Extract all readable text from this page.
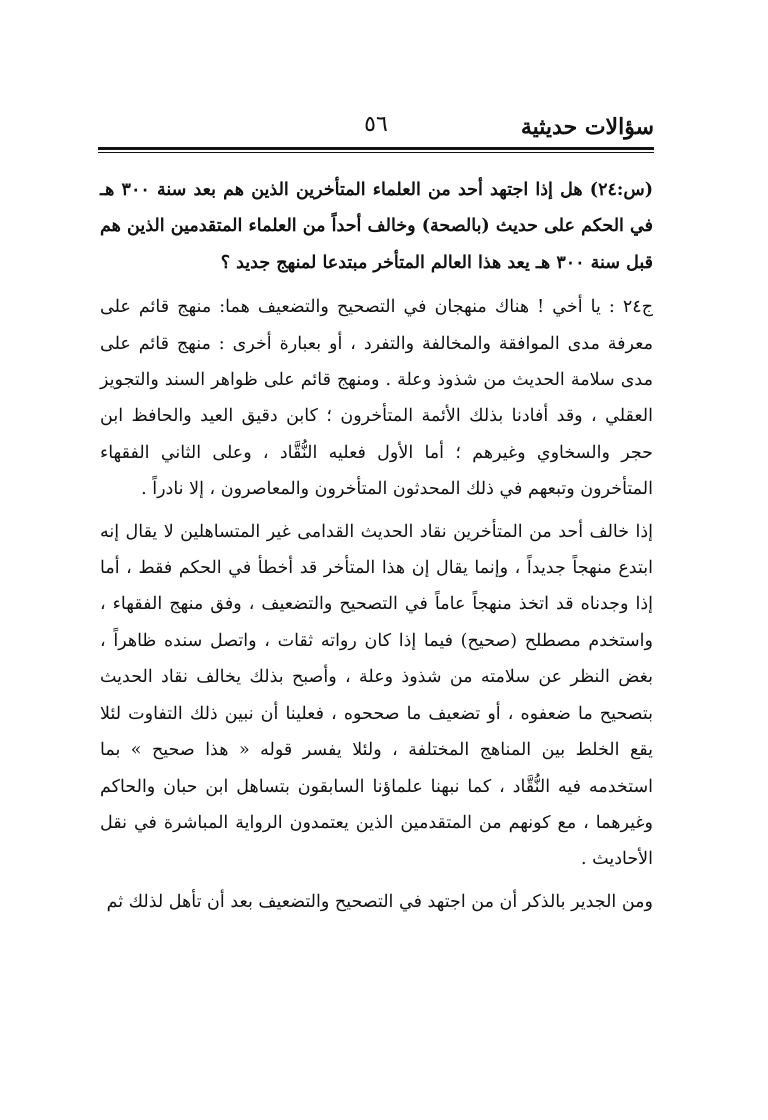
سؤالات حديثية
٥٦

(س:٢٤) هل إذا اجتهد أحد من العلماء المتأخرين الذين هم بعد سنة ٣٠٠ هـ في الحكم على حديث (بالصحة) وخالف أحداً من العلماء المتقدمين الذين هم قبل سنة ٣٠٠ هـ يعد هذا العالم المتأخر مبتدعا لمنهج جديد ؟

ج٢٤ : يا أخي ! هناك منهجان في التصحيح والتضعيف هما: منهج قائم على معرفة مدى الموافقة والمخالفة والتفرد ، أو بعبارة أخرى : منهج قائم على مدى سلامة الحديث من شذوذ وعلة . ومنهج قائم على ظواهر السند والتجويز العقلي ، وقد أفادنا بذلك الأئمة المتأخرون ؛ كابن دقيق العيد والحافظ ابن حجر والسخاوي وغيرهم ؛ أما الأول فعليه النُّقَّاد ، وعلى الثاني الفقهاء المتأخرون وتبعهم في ذلك المحدثون المتأخرون والمعاصرون ، إلا نادراً .

إذا خالف أحد من المتأخرين نقاد الحديث القدامى غير المتساهلين لا يقال إنه ابتدع منهجاً جديداً ، وإنما يقال إن هذا المتأخر قد أخطأ في الحكم فقط ، أما إذا وجدناه قد اتخذ منهجاً عاماً في التصحيح والتضعيف ، وفق منهج الفقهاء ، واستخدم مصطلح (صحيح) فيما إذا كان رواته ثقات ، واتصل سنده ظاهراً ، بغض النظر عن سلامته من شذوذ وعلة ، وأصبح بذلك يخالف نقاد الحديث بتصحيح ما ضعفوه ، أو تضعيف ما صححوه ، فعلينا أن نبين ذلك التفاوت لئلا يقع الخلط بين المناهج المختلفة ، ولئلا يفسر قوله « هذا صحيح » بما استخدمه فيه النُّقَّاد ، كما نبهنا علماؤنا السابقون بتساهل ابن حبان والحاكم وغيرهما ، مع كونهم من المتقدمين الذين يعتمدون الرواية المباشرة في نقل الأحاديث .

ومن الجدير بالذكر أن من اجتهد في التصحيح والتضعيف بعد أن تأهل لذلك ثم
